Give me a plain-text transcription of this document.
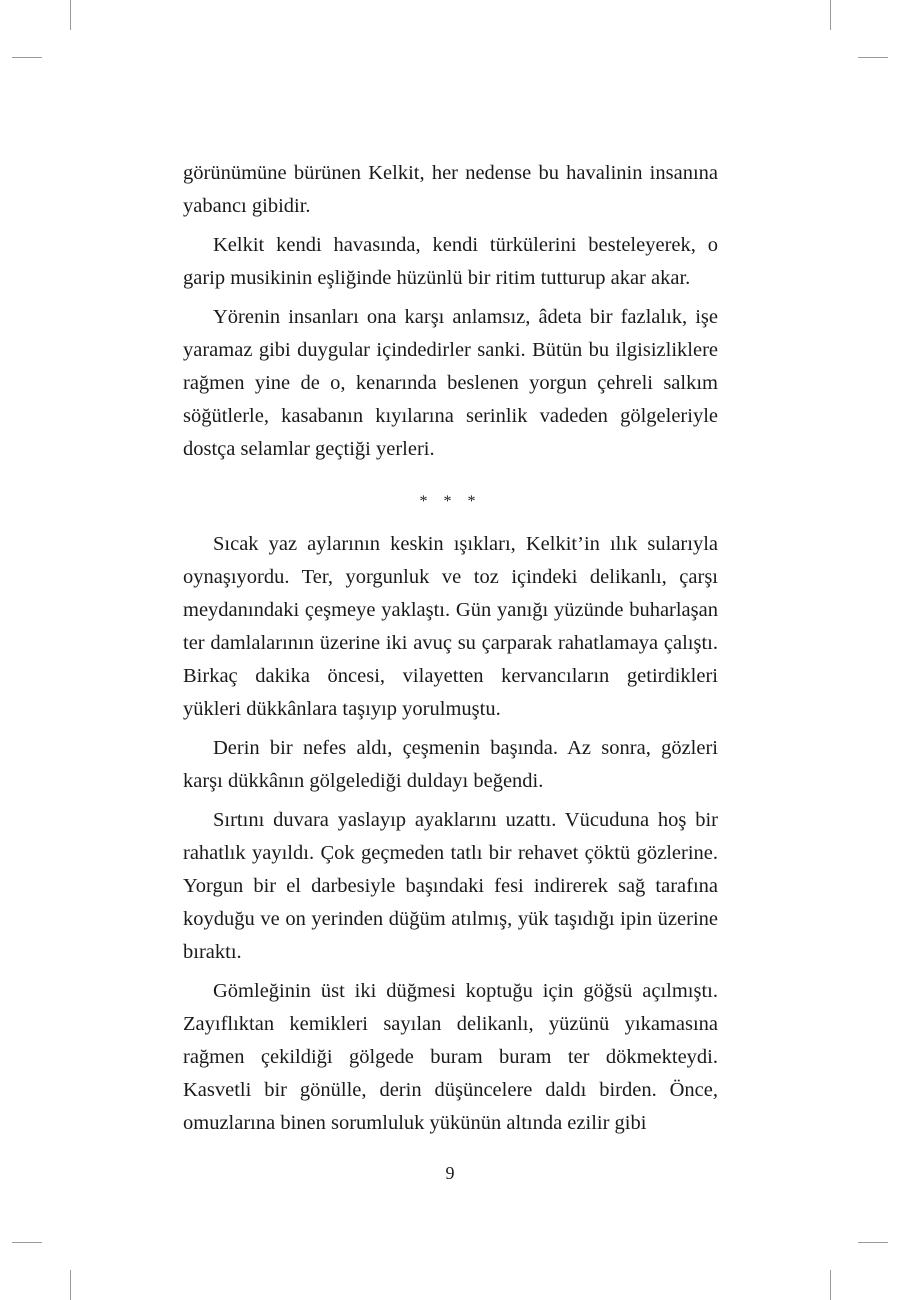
görünümüne bürünen Kelkit, her nedense bu havalinin insanına yabancı gibidir.

Kelkit kendi havasında, kendi türkülerini besteleyerek, o garip musikinin eşliğinde hüzünlü bir ritim tutturup akar akar.

Yörenin insanları ona karşı anlamsız, âdeta bir fazlalık, işe yaramaz gibi duygular içindedirler sanki. Bütün bu ilgisizliklere rağmen yine de o, kenarında beslenen yorgun çehreli salkım söğütlerle, kasabanın kıyılarına serinlik vadeden gölgeleriyle dostça selamlar geçtiği yerleri.

* * *

Sıcak yaz aylarının keskin ışıkları, Kelkit’in ılık sularıyla oynaşıyordu. Ter, yorgunluk ve toz içindeki delikanlı, çarşı meydanındaki çeşmeye yaklaştı. Gün yanığı yüzünde buharlaşan ter damlalarının üzerine iki avuç su çarparak rahatlamaya çalıştı. Birkaç dakika öncesi, vilayetten kervancıların getirdikleri yükleri dükkânlara taşıyıp yorulmuştu.

Derin bir nefes aldı, çeşmenin başında. Az sonra, gözleri karşı dükkânın gölgelediği duldayı beğendi.

Sırtını duvara yaslayıp ayaklarını uzattı. Vücuduna hoş bir rahatlık yayıldı. Çok geçmeden tatlı bir rehavet çöktü gözlerine. Yorgun bir el darbesiyle başındaki fesi indirerek sağ tarafına koyduğu ve on yerinden düğüm atılmış, yük taşıdığı ipin üzerine bıraktı.

Gömleğinin üst iki düğmesi koptuğu için göğsü açılmıştı. Zayıflıktan kemikleri sayılan delikanlı, yüzünü yıkamasına rağmen çekildiği gölgede buram buram ter dökmekteydi. Kasvetli bir gönülle, derin düşüncelere daldı birden. Önce, omuzlarına binen sorumluluk yükünün altında ezilir gibi

9
